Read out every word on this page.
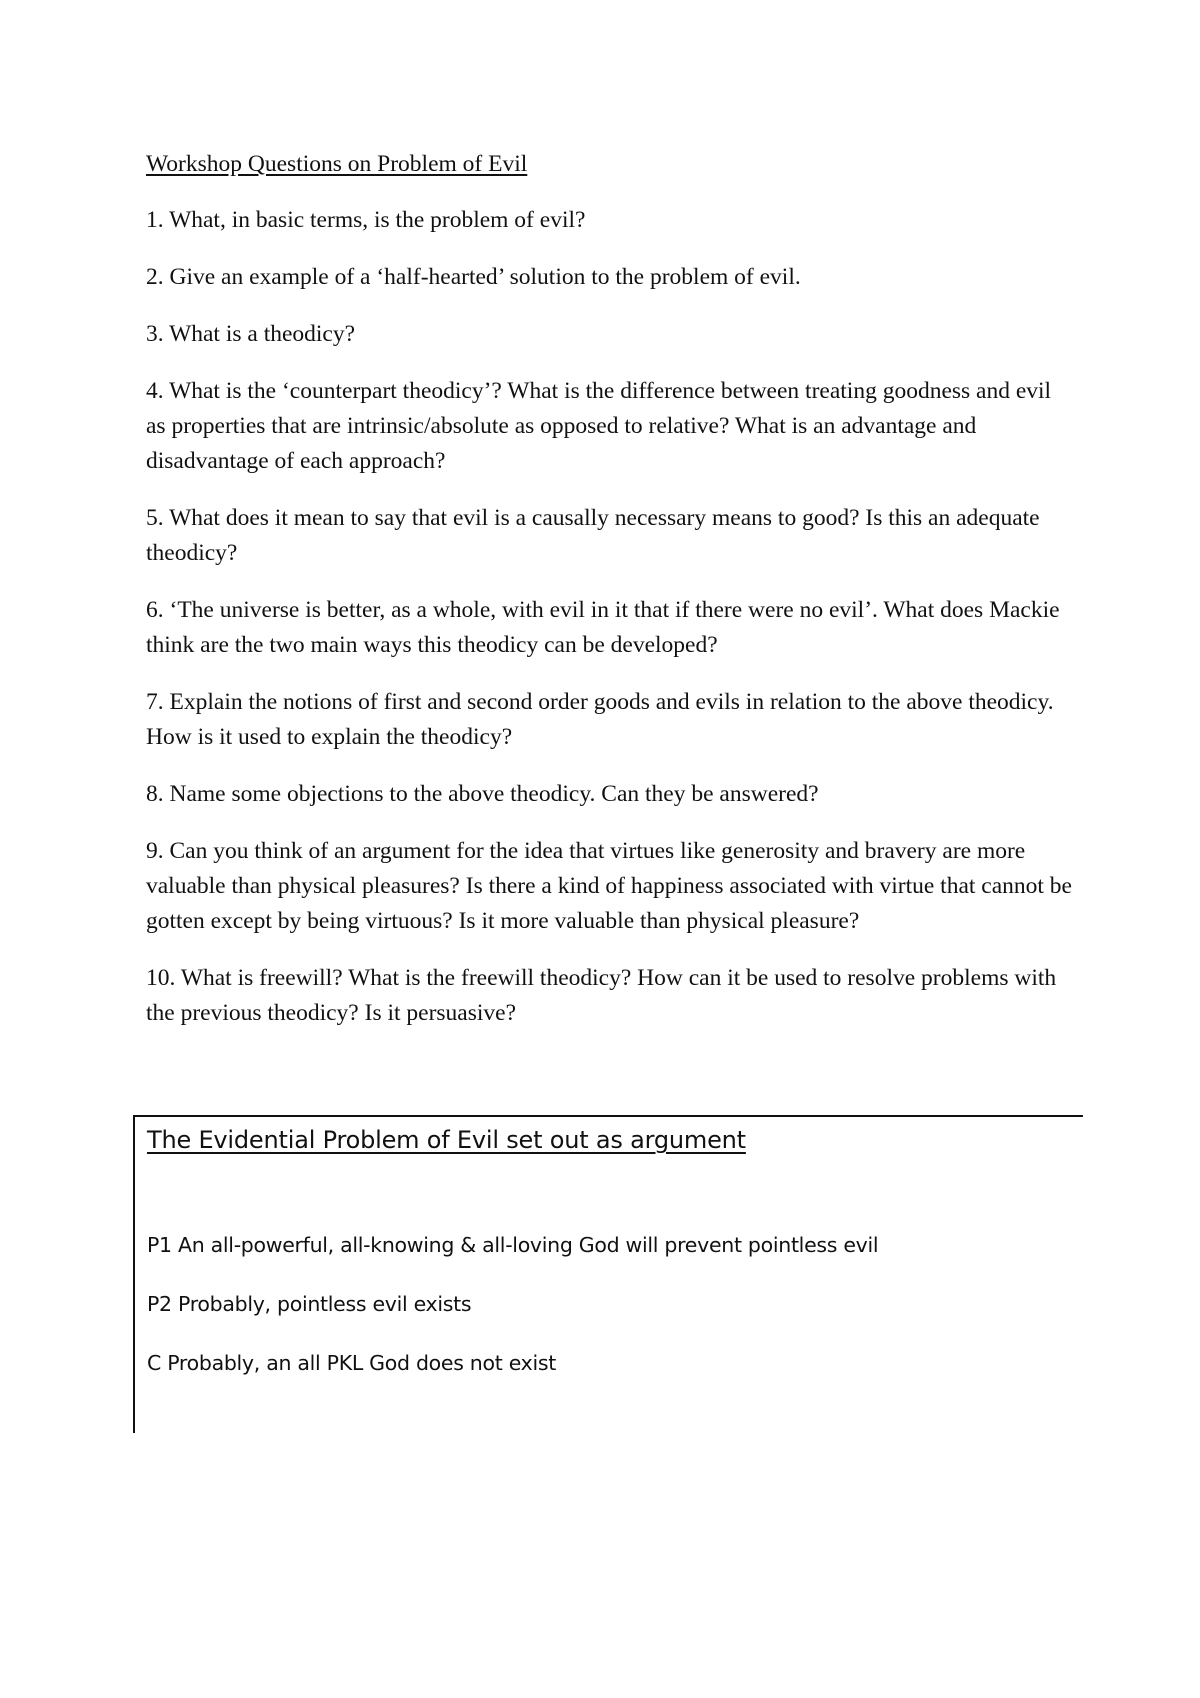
Workshop Questions on Problem of Evil
1. What, in basic terms, is the problem of evil?
2. Give an example of a ‘half-hearted’ solution to the problem of evil.
3. What is a theodicy?
4. What is the ‘counterpart theodicy’? What is the difference between treating goodness and evil as properties that are intrinsic/absolute as opposed to relative? What is an advantage and disadvantage of each approach?
5. What does it mean to say that evil is a causally necessary means to good? Is this an adequate theodicy?
6. ‘The universe is better, as a whole, with evil in it that if there were no evil’. What does Mackie think are the two main ways this theodicy can be developed?
7. Explain the notions of first and second order goods and evils in relation to the above theodicy. How is it used to explain the theodicy?
8. Name some objections to the above theodicy. Can they be answered?
9. Can you think of an argument for the idea that virtues like generosity and bravery are more valuable than physical pleasures? Is there a kind of happiness associated with virtue that cannot be gotten except by being virtuous? Is it more valuable than physical pleasure?
10. What is freewill? What is the freewill theodicy? How can it be used to resolve problems with the previous theodicy? Is it persuasive?
The Evidential Problem of Evil set out as argument
P1 An all-powerful, all-knowing & all-loving God will prevent pointless evil
P2 Probably, pointless evil exists
C Probably, an all PKL God does not exist
